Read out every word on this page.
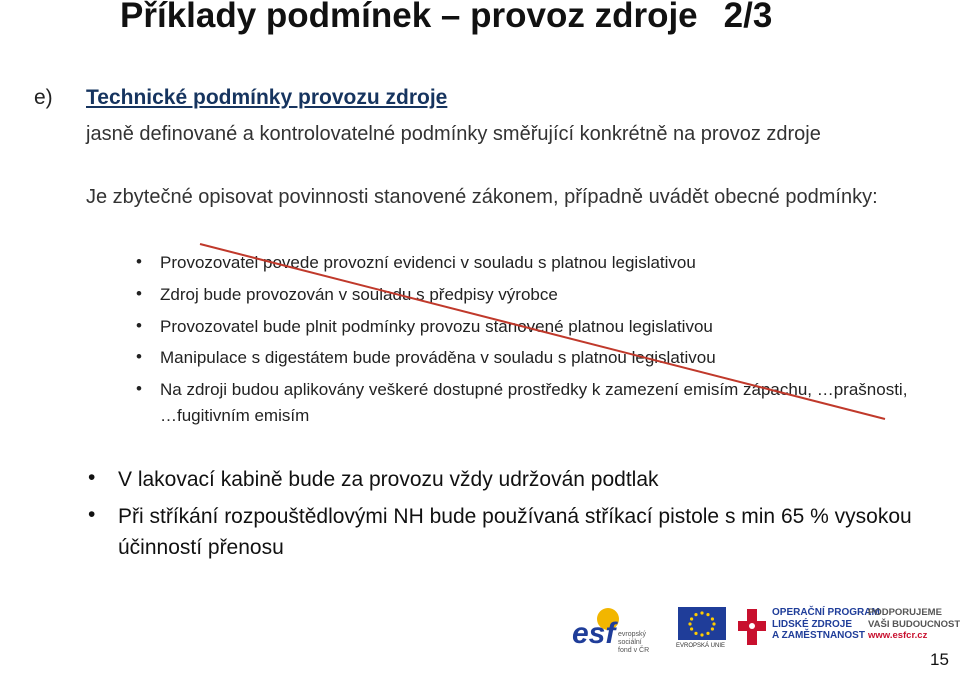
Příklady podmínek – provoz zdroje 2/3
e) Technické podmínky provozu zdroje
jasně definované a kontrolovatelné podmínky směřující konkrétně na provoz zdroje
Je zbytečné opisovat povinnosti stanovené zákonem, případně uvádět obecné podmínky:
• Provozovatel povede provozní evidenci v souladu s platnou legislativou
• Zdroj bude provozován v souladu s předpisy výrobce
• Provozovatel bude plnit podmínky provozu stanovené platnou legislativou
• Manipulace s digestátem bude prováděna v souladu s platnou legislativou
• Na zdroji budou aplikovány veškeré dostupné prostředky k zamezení emisím zápachu, …prašnosti, …fugitivním emisím
• V lakovací kabině bude za provozu vždy udržován podtlak
• Při stříkání rozpouštědlovými NH bude používaná stříkací pistole s min 65 % vysokou účinností přenosu
esf evropský
sociální
fond v ČR
EVROPSKÁ UNIE
OPERAČNÍ PROGRAM
LIDSKÉ ZDROJE
A ZAMĚSTNANOST
PODPORUJEME
VAŠI BUDOUCNOST
www.esfcr.cz
15
